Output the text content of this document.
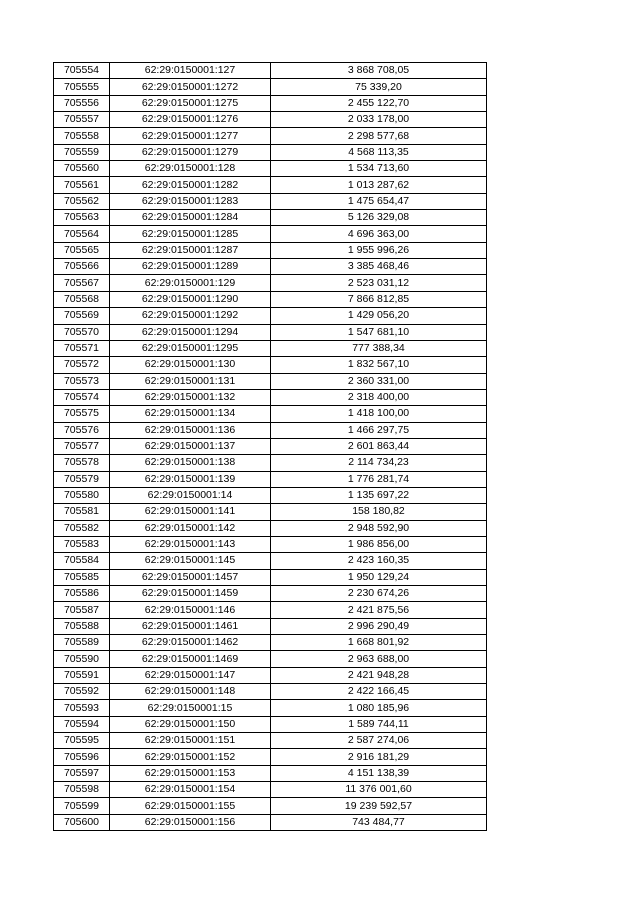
705554	62:29:0150001:127	3 868 708,05
705555	62:29:0150001:1272	75 339,20
705556	62:29:0150001:1275	2 455 122,70
705557	62:29:0150001:1276	2 033 178,00
705558	62:29:0150001:1277	2 298 577,68
705559	62:29:0150001:1279	4 568 113,35
705560	62:29:0150001:128	1 534 713,60
705561	62:29:0150001:1282	1 013 287,62
705562	62:29:0150001:1283	1 475 654,47
705563	62:29:0150001:1284	5 126 329,08
705564	62:29:0150001:1285	4 696 363,00
705565	62:29:0150001:1287	1 955 996,26
705566	62:29:0150001:1289	3 385 468,46
705567	62:29:0150001:129	2 523 031,12
705568	62:29:0150001:1290	7 866 812,85
705569	62:29:0150001:1292	1 429 056,20
705570	62:29:0150001:1294	1 547 681,10
705571	62:29:0150001:1295	777 388,34
705572	62:29:0150001:130	1 832 567,10
705573	62:29:0150001:131	2 360 331,00
705574	62:29:0150001:132	2 318 400,00
705575	62:29:0150001:134	1 418 100,00
705576	62:29:0150001:136	1 466 297,75
705577	62:29:0150001:137	2 601 863,44
705578	62:29:0150001:138	2 114 734,23
705579	62:29:0150001:139	1 776 281,74
705580	62:29:0150001:14	1 135 697,22
705581	62:29:0150001:141	158 180,82
705582	62:29:0150001:142	2 948 592,90
705583	62:29:0150001:143	1 986 856,00
705584	62:29:0150001:145	2 423 160,35
705585	62:29:0150001:1457	1 950 129,24
705586	62:29:0150001:1459	2 230 674,26
705587	62:29:0150001:146	2 421 875,56
705588	62:29:0150001:1461	2 996 290,49
705589	62:29:0150001:1462	1 668 801,92
705590	62:29:0150001:1469	2 963 688,00
705591	62:29:0150001:147	2 421 948,28
705592	62:29:0150001:148	2 422 166,45
705593	62:29:0150001:15	1 080 185,96
705594	62:29:0150001:150	1 589 744,11
705595	62:29:0150001:151	2 587 274,06
705596	62:29:0150001:152	2 916 181,29
705597	62:29:0150001:153	4 151 138,39
705598	62:29:0150001:154	11 376 001,60
705599	62:29:0150001:155	19 239 592,57
705600	62:29:0150001:156	743 484,77
